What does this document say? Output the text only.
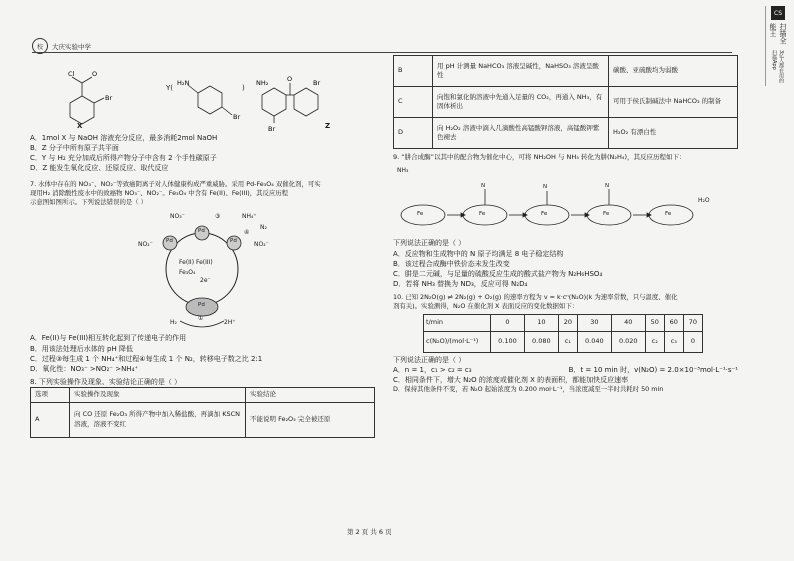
校	大庆实验中学
CS
扫描全能王
3亿人都在用的扫描App
Cl	O
Br
H₂N
Br
NH₂	O	Br
Br
X
Y(	)
Z
A．1mol X 与 NaOH 溶液充分反应，最多消耗2mol NaOH
B．Z 分子中所有原子共平面
C．Y 与 H₂ 充分加成后所得产物分子中含有 2 个手性碳原子
D．Z 能发生氧化反应、还原反应、取代反应
7. 水体中存在的 NO₃⁻、NO₂⁻等致癌阴离子对人体健康构成严重威胁。采用 Pd-Fe₃O₄ 双催化剂，可实
现用H₂ 消除酸性废水中的致癌物 NO₃⁻、NO₂⁻。Fe₃O₄ 中含有 Fe(II)、Fe(III)，其反应历程
示意图如图所示。下列说法错误的是（ ）
Pd
Pd
Pd
Pd
Fe(II) Fe(III)
Fe₃O₄
2e⁻
NO₃⁻	NH₄⁺
N₂
NO₂⁻	NO₂⁻
H₂	2H⁺
①
③
④
A．Fe(II)与 Fe(III)相互转化起到了传递电子的作用
B．用该法处理后水体的 pH 降低
C．过程③每生成 1 个 NH₄⁺和过程④每生成 1 个 N₂，转移电子数之比 2:1
D．氧化性：NO₃⁻ >NO₂⁻ >NH₄⁺
8. 下列实验操作及现象、实验结论正确的是（ ）
选项	实验操作及现象	实验结论
A	向 CO 还原 Fe₂O₃ 所得产物中加入稀盐酸，再滴加 KSCN 溶液，溶液不变红	不能说明 Fe₂O₃ 完全被还原
B	用 pH 计测量 NaHCO₃ 溶液呈碱性，NaHSO₃ 溶液呈酸性	碳酸、亚硫酸均为弱酸
C	向饱和氯化钠溶液中先通入足量的 CO₂，再通入 NH₃，有固体析出	可用于侯氏制碱法中 NaHCO₃ 的制备
D	向 H₂O₂ 溶液中滴入几滴酸性高锰酸钾溶液，高锰酸钾紫色褪去	H₂O₂ 有漂白性
9. “肼合成酶”以其中的配合物为催化中心，可将 NH₂OH 与 NH₃ 转化为肼(N₂H₄)，其反应历程如下：
NH₃
Fe
Fe	Fe	Fe	Fe
N	N	N
H₂O
下列说法正确的是（ ）
A．反应物和生成物中的 N 原子均满足 8 电子稳定结构
B．该过程合成酶中铁价态未发生改变
C．肼是二元碱，与足量的硫酸反应生成的酸式盐产物为 N₂H₆HSO₄
D．若将 NH₃ 替换为 ND₃，反应可得 N₂D₄
10. 已知 2N₂O(g) ⇌ 2N₂(g) + O₂(g) 的速率方程为 v = k·cⁿ(N₂O)(k 为速率常数，只与温度、催化
剂有关)。实验测得，N₂O 在催化剂 X 表面反应的变化数据如下：
t/min	0	10	20	30	40	50	60	70
c(N₂O)/(mol·L⁻¹)	0.100	0.080	c₁	0.040	0.020	c₂	c₃	0
下列说法正确的是（ ）
A．n = 1，c₁ > c₂ = c₃	B．t = 10 min 时，v(N₂O) = 2.0×10⁻³mol·L⁻¹·s⁻¹
C．相同条件下，增大 N₂O 的浓度或催化剂 X 的表面积，都能加快反应速率
D．保持其他条件不变，若 N₂O 起始浓度为 0.200 mol·L⁻¹，当浓度减至一半时共耗时 50 min
第 2 页 共 6 页
